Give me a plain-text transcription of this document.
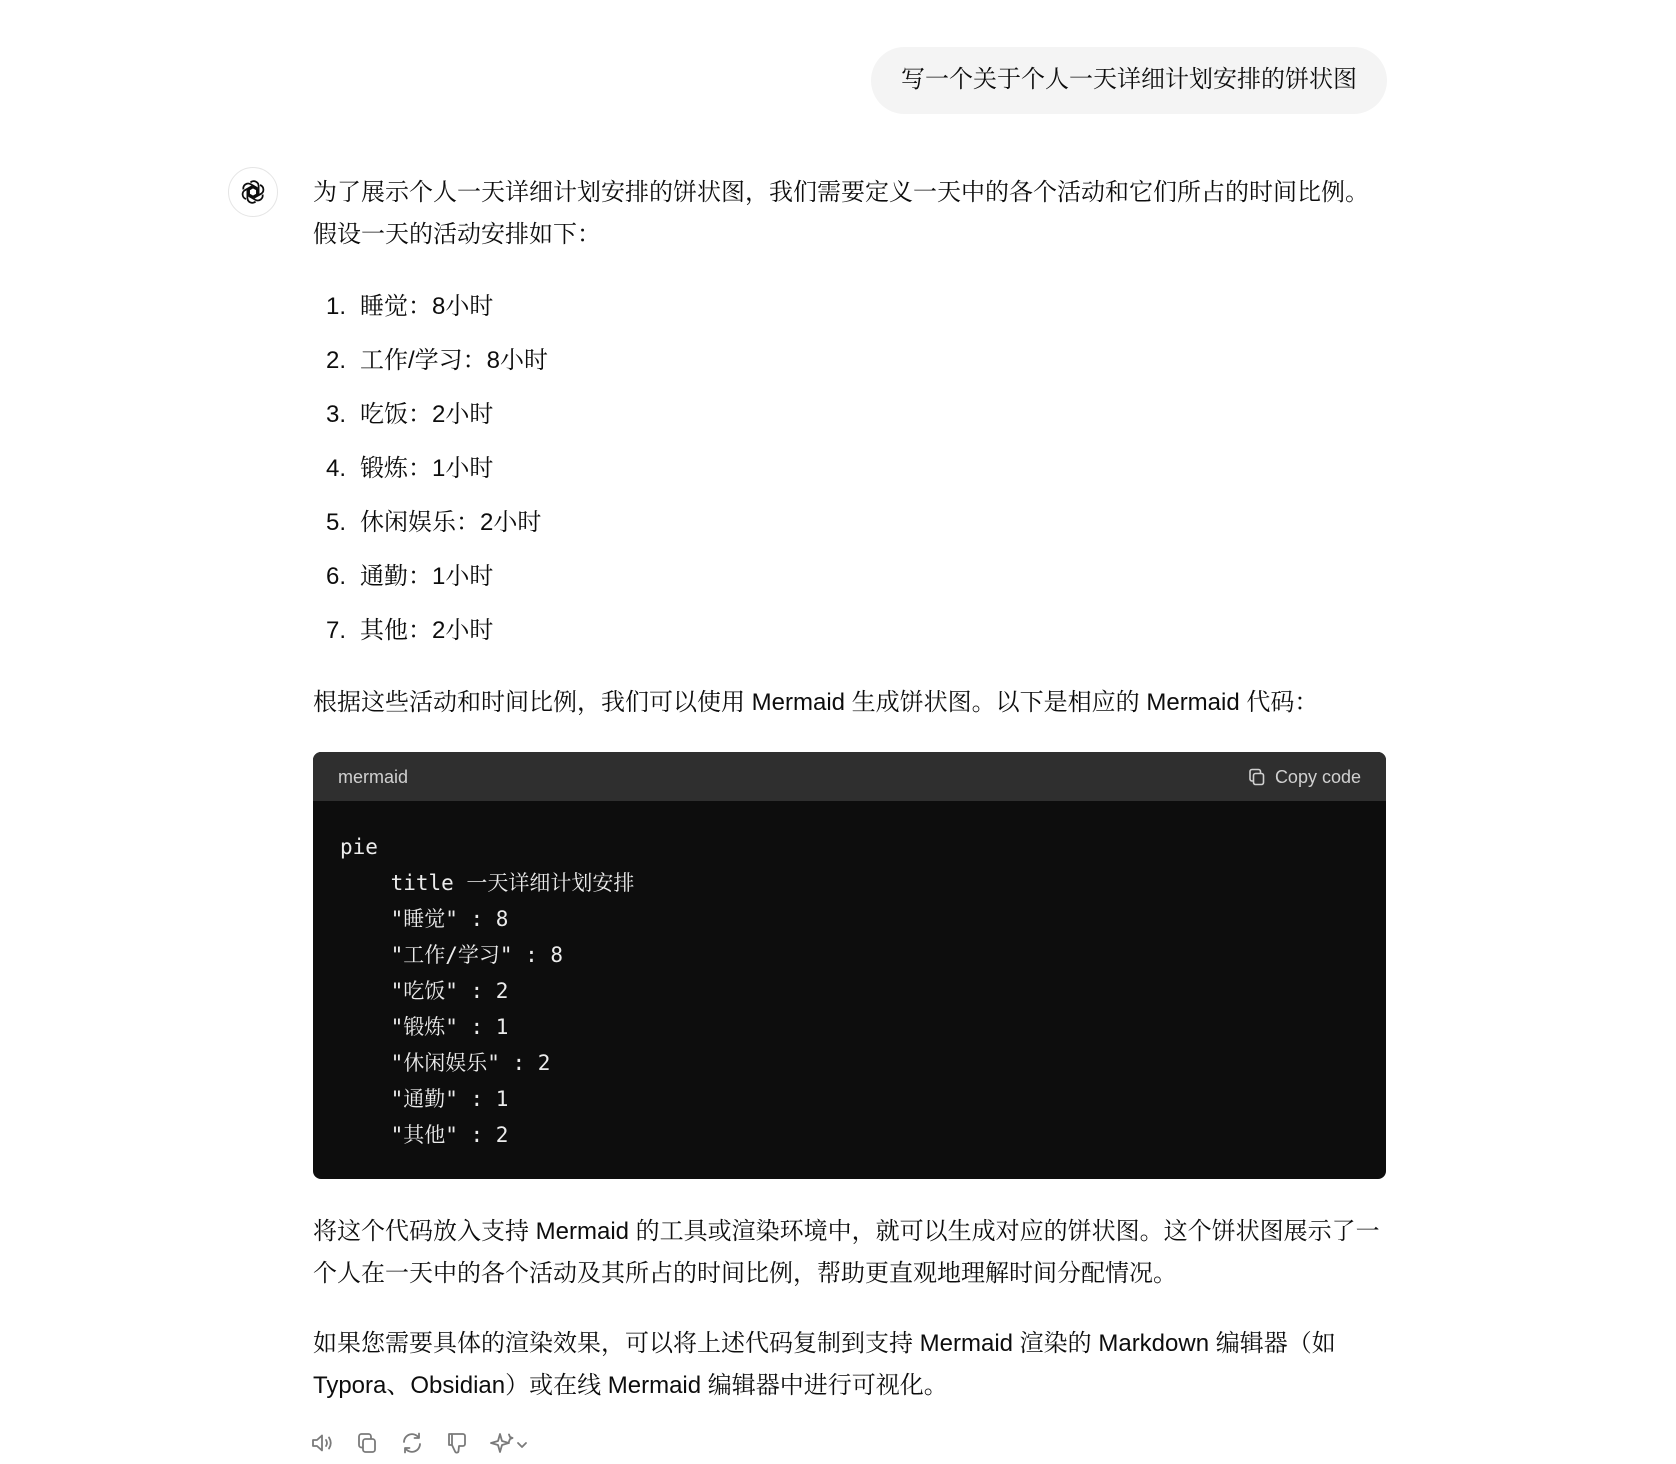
写一个关于个人一天详细计划安排的饼状图

为了展示个人一天详细计划安排的饼状图，我们需要定义一天中的各个活动和它们所占的时间比例。假设一天的活动安排如下：

1. 睡觉：8小时
2. 工作/学习：8小时
3. 吃饭：2小时
4. 锻炼：1小时
5. 休闲娱乐：2小时
6. 通勤：1小时
7. 其他：2小时

根据这些活动和时间比例，我们可以使用 Mermaid 生成饼状图。以下是相应的 Mermaid 代码：

mermaid	Copy code
pie
title 一天详细计划安排
"睡觉" : 8
"工作/学习" : 8
"吃饭" : 2
"锻炼" : 1
"休闲娱乐" : 2
"通勤" : 1
"其他" : 2

将这个代码放入支持 Mermaid 的工具或渲染环境中，就可以生成对应的饼状图。这个饼状图展示了一个人在一天中的各个活动及其所占的时间比例，帮助更直观地理解时间分配情况。

如果您需要具体的渲染效果，可以将上述代码复制到支持 Mermaid 渲染的 Markdown 编辑器（如 Typora、Obsidian）或在线 Mermaid 编辑器中进行可视化。
